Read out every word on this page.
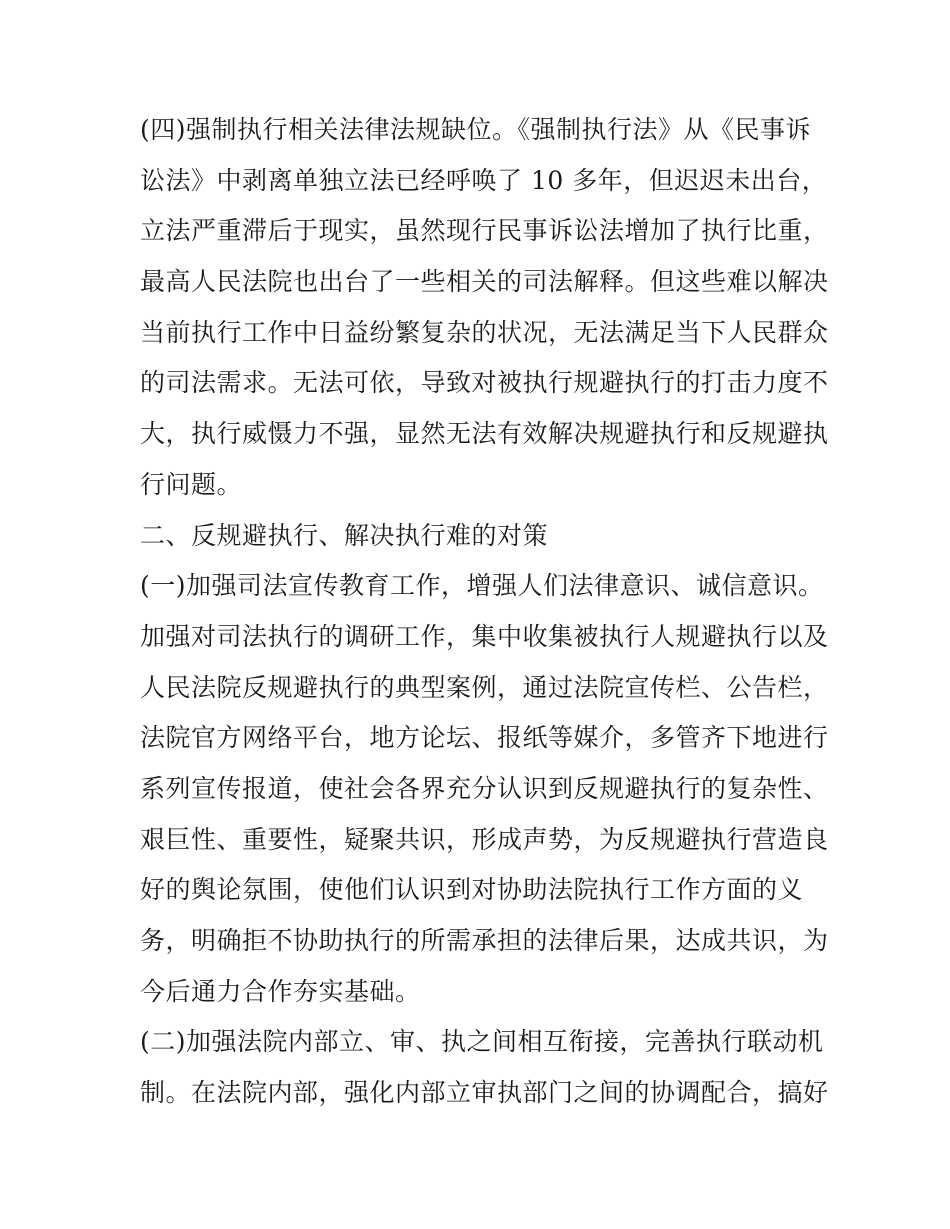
(四)强制执行相关法律法规缺位。《强制执行法》从《民事诉
讼法》中剥离单独立法已经呼唤了 10 多年，但迟迟未出台，
立法严重滞后于现实，虽然现行民事诉讼法增加了执行比重，
最高人民法院也出台了一些相关的司法解释。但这些难以解决
当前执行工作中日益纷繁复杂的状况，无法满足当下人民群众
的司法需求。无法可依，导致对被执行规避执行的打击力度不
大，执行威慑力不强，显然无法有效解决规避执行和反规避执
行问题。
二、反规避执行、解决执行难的对策
(一)加强司法宣传教育工作，增强人们法律意识、诚信意识。
加强对司法执行的调研工作，集中收集被执行人规避执行以及
人民法院反规避执行的典型案例，通过法院宣传栏、公告栏，
法院官方网络平台，地方论坛、报纸等媒介，多管齐下地进行
系列宣传报道，使社会各界充分认识到反规避执行的复杂性、
艰巨性、重要性，疑聚共识，形成声势，为反规避执行营造良
好的舆论氛围，使他们认识到对协助法院执行工作方面的义
务，明确拒不协助执行的所需承担的法律后果，达成共识，为
今后通力合作夯实基础。
(二)加强法院内部立、审、执之间相互衔接，完善执行联动机
制。在法院内部，强化内部立审执部门之间的协调配合，搞好
